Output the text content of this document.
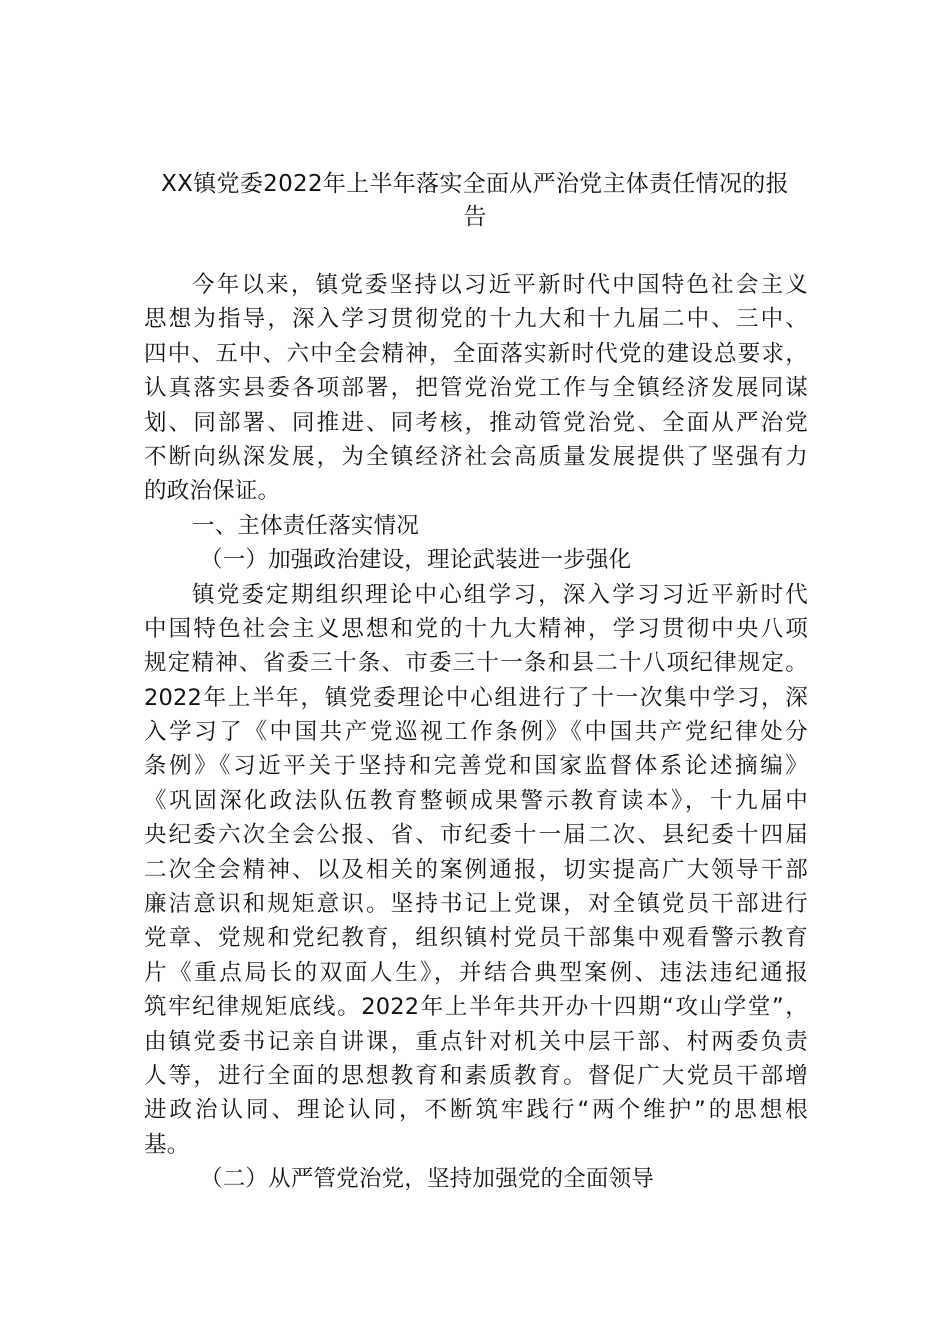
XX镇党委2022年上半年落实全面从严治党主体责任情况的报
告
今年以来，镇党委坚持以习近平新时代中国特色社会主义
思想为指导，深入学习贯彻党的十九大和十九届二中、三中、
四中、五中、六中全会精神，全面落实新时代党的建设总要求，
认真落实县委各项部署，把管党治党工作与全镇经济发展同谋
划、同部署、同推进、同考核，推动管党治党、全面从严治党
不断向纵深发展，为全镇经济社会高质量发展提供了坚强有力
的政治保证。
一、主体责任落实情况
（一）加强政治建设，理论武装进一步强化
镇党委定期组织理论中心组学习，深入学习习近平新时代
中国特色社会主义思想和党的十九大精神，学习贯彻中央八项
规定精神、省委三十条、市委三十一条和县二十八项纪律规定。
2022年上半年，镇党委理论中心组进行了十一次集中学习，深
入学习了《中国共产党巡视工作条例》《中国共产党纪律处分
条例》《习近平关于坚持和完善党和国家监督体系论述摘编》
《巩固深化政法队伍教育整顿成果警示教育读本》，十九届中
央纪委六次全会公报、省、市纪委十一届二次、县纪委十四届
二次全会精神、以及相关的案例通报，切实提高广大领导干部
廉洁意识和规矩意识。坚持书记上党课，对全镇党员干部进行
党章、党规和党纪教育，组织镇村党员干部集中观看警示教育
片《重点局长的双面人生》，并结合典型案例、违法违纪通报
筑牢纪律规矩底线。2022年上半年共开办十四期“攻山学堂”，
由镇党委书记亲自讲课，重点针对机关中层干部、村两委负责
人等，进行全面的思想教育和素质教育。督促广大党员干部增
进政治认同、理论认同，不断筑牢践行“两个维护”的思想根
基。
（二）从严管党治党，坚持加强党的全面领导
